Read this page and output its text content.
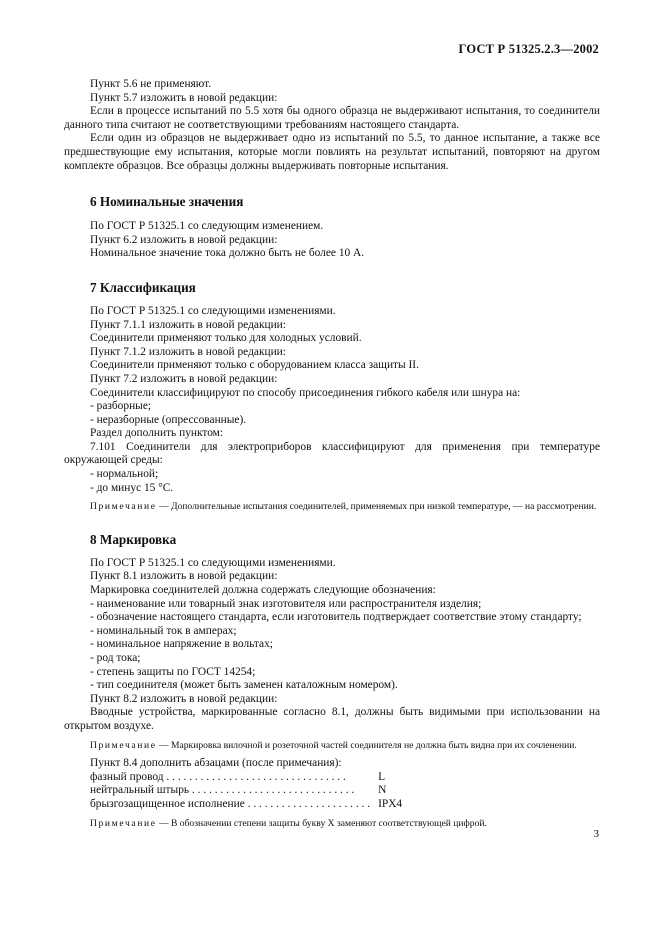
ГОСТ Р 51325.2.3—2002

Пункт 5.6 не применяют.

Пункт 5.7 изложить в новой редакции:

Если в процессе испытаний по 5.5 хотя бы одного образца не выдерживают испытания, то соединители данного типа считают не соответствующими требованиям настоящего стандарта.

Если один из образцов не выдерживает одно из испытаний по 5.5, то данное испытание, а также все предшествующие ему испытания, которые могли повлиять на результат испытаний, повторяют на другом комплекте образцов. Все образцы должны выдерживать повторные испытания.

6 Номинальные значения

По ГОСТ Р 51325.1 со следующим изменением.

Пункт 6.2 изложить в новой редакции:

Номинальное значение тока должно быть не более 10 А.

7 Классификация

По ГОСТ Р 51325.1 со следующими изменениями.

Пункт 7.1.1 изложить в новой редакции:

Соединители применяют только для холодных условий.

Пункт 7.1.2 изложить в новой редакции:

Соединители применяют только с оборудованием класса защиты II.

Пункт 7.2 изложить в новой редакции:

Соединители классифицируют по способу присоединения гибкого кабеля или шнура на:

- разборные;

- неразборные (опрессованные).

Раздел дополнить пунктом:

7.101 Соединители для электроприборов классифицируют для применения при температуре окружающей среды:

- нормальной;

- до минус 15 °С.

Примечание — Дополнительные испытания соединителей, применяемых при низкой температуре, — на рассмотрении.

8 Маркировка

По ГОСТ Р 51325.1 со следующими изменениями.

Пункт 8.1 изложить в новой редакции:

Маркировка соединителей должна содержать следующие обозначения:

- наименование или товарный знак изготовителя или распространителя изделия;

- обозначение настоящего стандарта, если изготовитель подтверждает соответствие этому стандарту;

- номинальный ток в амперах;

- номинальное напряжение в вольтах;

- род тока;

- степень защиты по ГОСТ 14254;

- тип соединителя (может быть заменен каталожным номером).

Пункт 8.2 изложить в новой редакции:

Вводные устройства, маркированные согласно 8.1, должны быть видимыми при использовании на открытом воздухе.

Примечание — Маркировка вилочной и розеточной частей соединителя не должна быть видна при их сочленении.

Пункт 8.4 дополнить абзацами (после примечания):

фазный провод . . . . . . . . . . . . . . . . . . . . . . . . . . . . . . . .	L
нейтральный штырь . . . . . . . . . . . . . . . . . . . . . . . . . . . . .	N
брызгозащищенное исполнение . . . . . . . . . . . . . . . . . . . . . .	IPX4

Примечание — В обозначении степени защиты букву X заменяют соответствующей цифрой.

3
